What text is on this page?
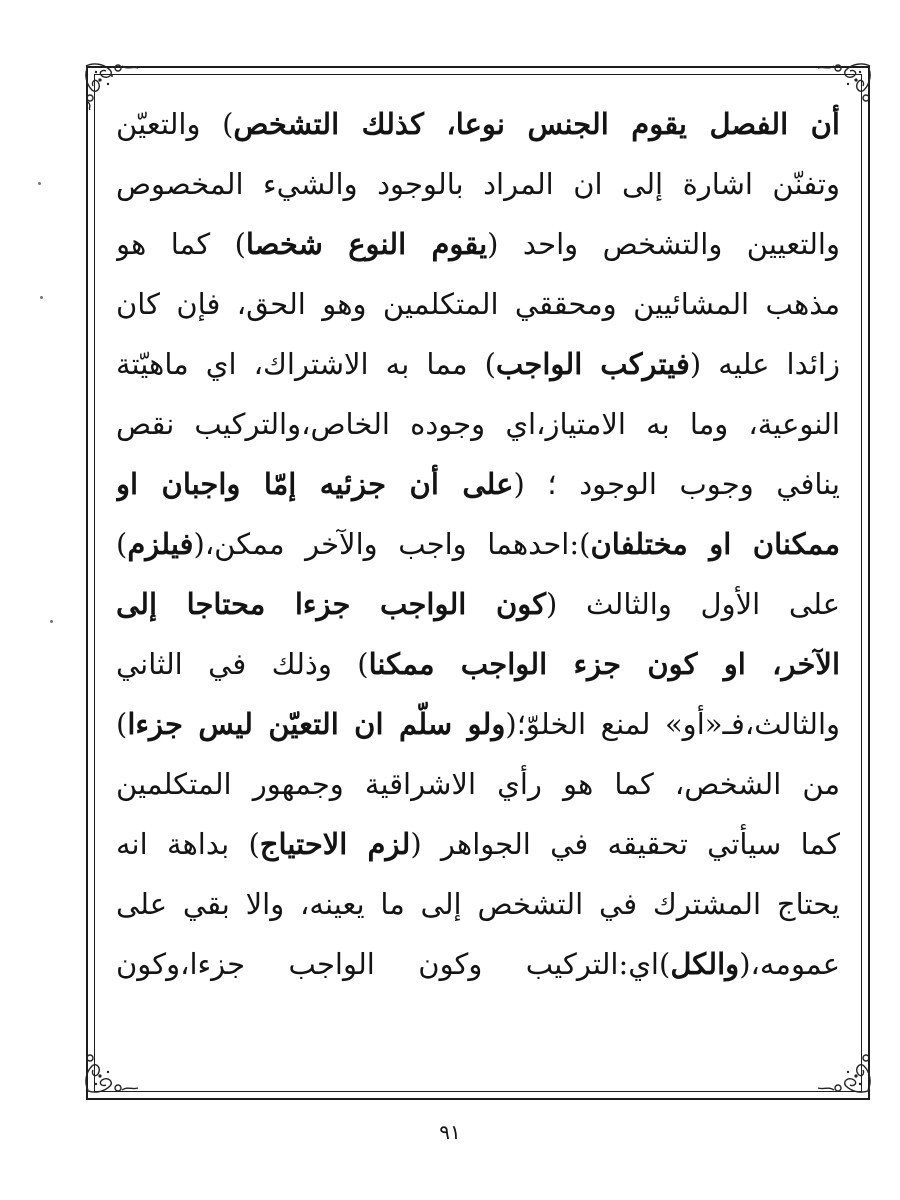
أن الفصل يقوم الجنس نوعا، كذلك التشخص) والتعيّن
وتفنّن اشارة إلى ان المراد بالوجود والشيء المخصوص
والتعيين والتشخص واحد (يقوم النوع شخصا) كما هو
مذهب المشائيين ومحققي المتكلمين وهو الحق، فإن كان
زائدا عليه (فيتركب الواجب) مما به الاشتراك، اي ماهيّتة
النوعية، وما به الامتياز،اي وجوده الخاص،والتركيب نقص
ينافي وجوب الوجود ؛ (على أن جزئيه إمّا واجبان او
ممكنان او مختلفان):احدهما واجب والآخر ممكن،(فيلزم)
على الأول والثالث (كون الواجب جزءا محتاجا إلى
الآخر، او كون جزء الواجب ممكنا) وذلك في الثاني
والثالث،فـ«أو» لمنع الخلوّ؛(ولو سلّم ان التعيّن ليس جزءا)
من الشخص، كما هو رأي الاشراقية وجمهور المتكلمين
كما سيأتي تحقيقه في الجواهر (لزم الاحتياج) بداهة انه
يحتاج المشترك في التشخص إلى ما يعينه، والا بقي على
عمومه،(والكل)اي:التركيب وكون الواجب جزءا،وكون
٩١
